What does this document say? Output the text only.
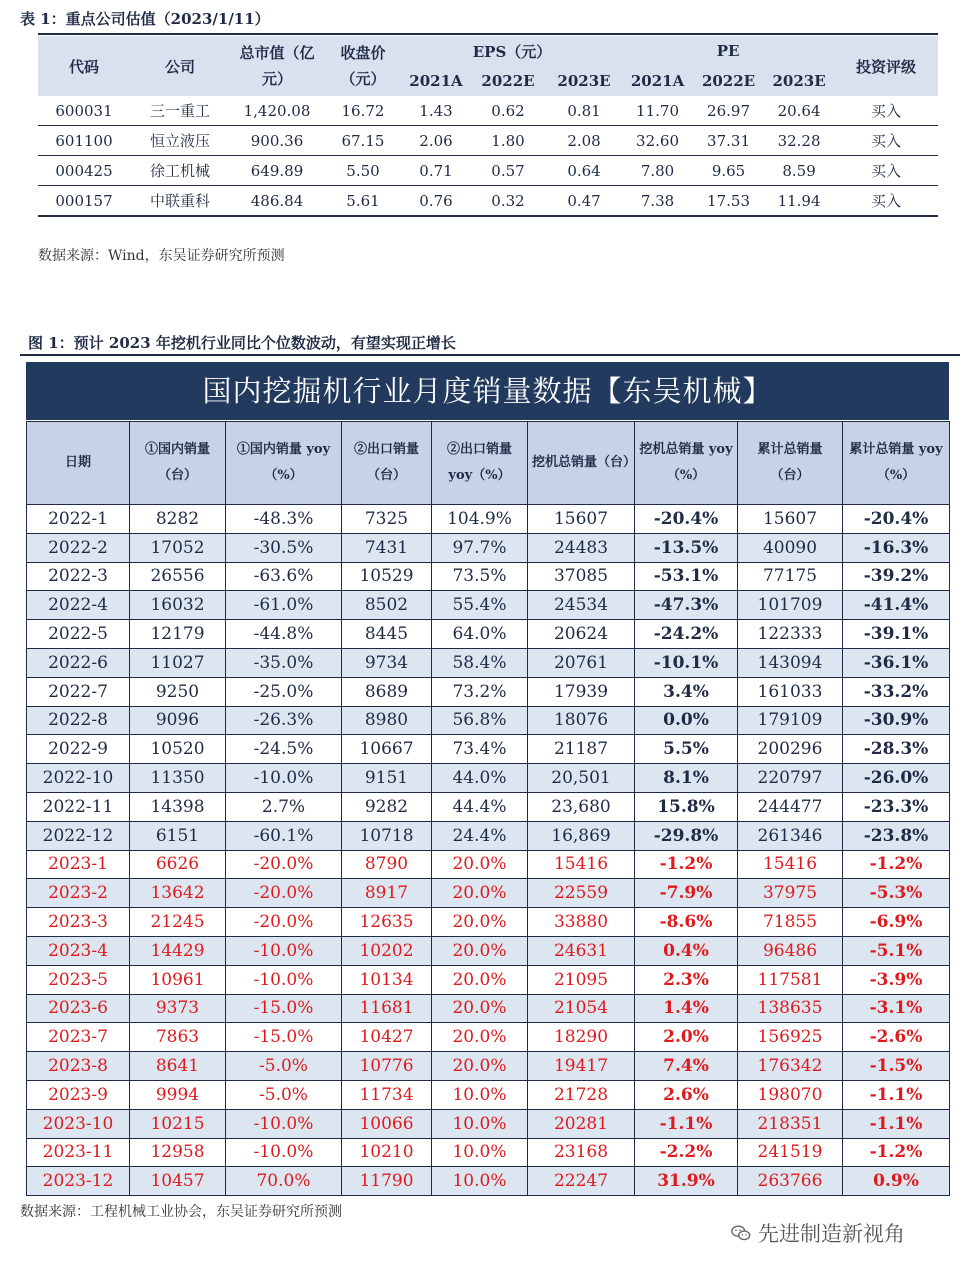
表 1：重点公司估值（2023/1/11）
代码	公司	总市值（亿元）	收盘价（元）	EPS（元）			PE			投资评级
				2021A	2022E	2023E	2021A	2022E	2023E	
600031	三一重工	1,420.08	16.72	1.43	0.62	0.81	11.70	26.97	20.64	买入
601100	恒立液压	900.36	67.15	2.06	1.80	2.08	32.60	37.31	32.28	买入
000425	徐工机械	649.89	5.50	0.71	0.57	0.64	7.80	9.65	8.59	买入
000157	中联重科	486.84	5.61	0.76	0.32	0.47	7.38	17.53	11.94	买入
数据来源：Wind，东吴证券研究所预测
图 1：预计 2023 年挖机行业同比个位数波动，有望实现正增长
国内挖掘机行业月度销量数据【东吴机械】
日期	①国内销量（台）	①国内销量 yoy（%）	②出口销量（台）	②出口销量 yoy（%）	挖机总销量（台）	挖机总销量 yoy（%）	累计总销量（台）	累计总销量 yoy（%）
2022-1	8282	-48.3%	7325	104.9%	15607	-20.4%	15607	-20.4%
2022-2	17052	-30.5%	7431	97.7%	24483	-13.5%	40090	-16.3%
2022-3	26556	-63.6%	10529	73.5%	37085	-53.1%	77175	-39.2%
2022-4	16032	-61.0%	8502	55.4%	24534	-47.3%	101709	-41.4%
2022-5	12179	-44.8%	8445	64.0%	20624	-24.2%	122333	-39.1%
2022-6	11027	-35.0%	9734	58.4%	20761	-10.1%	143094	-36.1%
2022-7	9250	-25.0%	8689	73.2%	17939	3.4%	161033	-33.2%
2022-8	9096	-26.3%	8980	56.8%	18076	0.0%	179109	-30.9%
2022-9	10520	-24.5%	10667	73.4%	21187	5.5%	200296	-28.3%
2022-10	11350	-10.0%	9151	44.0%	20,501	8.1%	220797	-26.0%
2022-11	14398	2.7%	9282	44.4%	23,680	15.8%	244477	-23.3%
2022-12	6151	-60.1%	10718	24.4%	16,869	-29.8%	261346	-23.8%
2023-1	6626	-20.0%	8790	20.0%	15416	-1.2%	15416	-1.2%
2023-2	13642	-20.0%	8917	20.0%	22559	-7.9%	37975	-5.3%
2023-3	21245	-20.0%	12635	20.0%	33880	-8.6%	71855	-6.9%
2023-4	14429	-10.0%	10202	20.0%	24631	0.4%	96486	-5.1%
2023-5	10961	-10.0%	10134	20.0%	21095	2.3%	117581	-3.9%
2023-6	9373	-15.0%	11681	20.0%	21054	1.4%	138635	-3.1%
2023-7	7863	-15.0%	10427	20.0%	18290	2.0%	156925	-2.6%
2023-8	8641	-5.0%	10776	20.0%	19417	7.4%	176342	-1.5%
2023-9	9994	-5.0%	11734	10.0%	21728	2.6%	198070	-1.1%
2023-10	10215	-10.0%	10066	10.0%	20281	-1.1%	218351	-1.1%
2023-11	12958	-10.0%	10210	10.0%	23168	-2.2%	241519	-1.2%
2023-12	10457	70.0%	11790	10.0%	22247	31.9%	263766	0.9%
数据来源：工程机械工业协会，东吴证券研究所预测
先进制造新视角
